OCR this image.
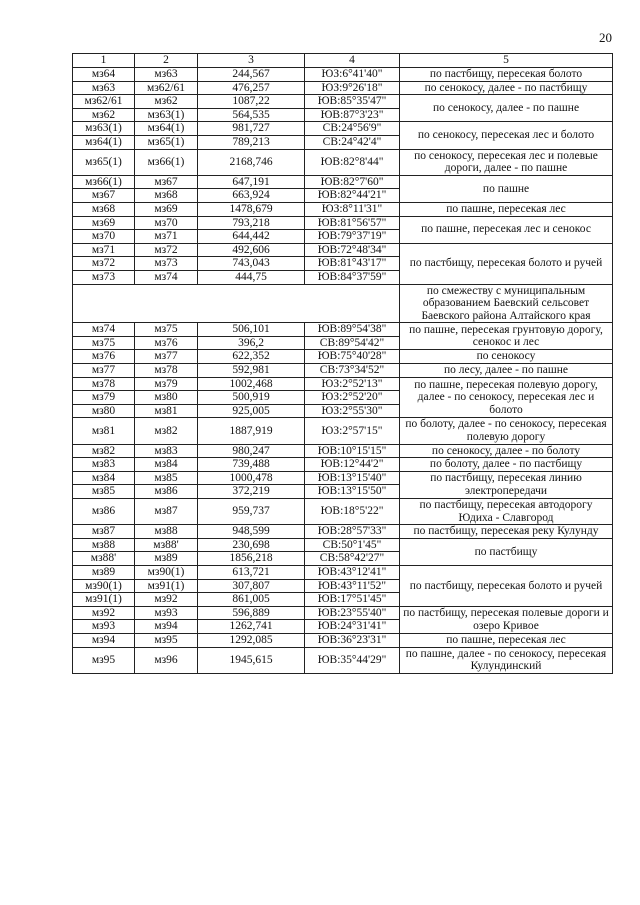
20
1	2	3	4	5
мз64	мз63	244,567	ЮЗ:6°41'40"	по пастбищу, пересекая болото
мз63	мз62/61	476,257	ЮЗ:9°26'18"	по сенокосу, далее - по пастбищу
мз62/61	мз62	1087,22	ЮВ:85°35'47"	по сенокосу, далее - по пашне
мз62	мз63(1)	564,535	ЮВ:87°3'23"	
мз63(1)	мз64(1)	981,727	СВ:24°56'9"	по сенокосу, пересекая лес и болото
мз64(1)	мз65(1)	789,213	СВ:24°42'4"	
мз65(1)	мз66(1)	2168,746	ЮВ:82°8'44"	по сенокосу, пересекая лес и полевые дороги, далее - по пашне
мз66(1)	мз67	647,191	ЮВ:82°7'60"	по пашне
мз67	мз68	663,924	ЮВ:82°44'21"	
мз68	мз69	1478,679	ЮЗ:8°11'31"	по пашне, пересекая лес
мз69	мз70	793,218	ЮВ:81°56'57"	по пашне, пересекая лес и сенокос
мз70	мз71	644,442	ЮВ:79°37'19"	
мз71	мз72	492,606	ЮВ:72°48'34"	по пастбищу, пересекая болото и ручей
мз72	мз73	743,043	ЮВ:81°43'17"	
мз73	мз74	444,75	ЮВ:84°37'59"	
				по смежеству с муниципальным образованием Баевский сельсовет Баевского района Алтайского края
мз74	мз75	506,101	ЮВ:89°54'38"	по пашне, пересекая грунтовую дорогу, сенокос и лес
мз75	мз76	396,2	СВ:89°54'42"	
мз76	мз77	622,352	ЮВ:75°40'28"	по сенокосу
мз77	мз78	592,981	СВ:73°34'52"	по лесу, далее - по пашне
мз78	мз79	1002,468	ЮЗ:2°52'13"	по пашне, пересекая полевую дорогу, далее - по сенокосу, пересекая лес и болото
мз79	мз80	500,919	ЮЗ:2°52'20"	
мз80	мз81	925,005	ЮЗ:2°55'30"	
мз81	мз82	1887,919	ЮЗ:2°57'15"	по болоту, далее - по сенокосу, пересекая полевую дорогу
мз82	мз83	980,247	ЮВ:10°15'15"	по сенокосу, далее - по болоту
мз83	мз84	739,488	ЮВ:12°44'2"	по болоту, далее - по пастбищу
мз84	мз85	1000,478	ЮВ:13°15'40"	по пастбищу, пересекая линию электропередачи
мз85	мз86	372,219	ЮВ:13°15'50"	
мз86	мз87	959,737	ЮВ:18°5'22"	по пастбищу, пересекая автодорогу Юдиха - Славгород
мз87	мз88	948,599	ЮВ:28°57'33"	по пастбищу, пересекая реку Кулунду
мз88	мз88'	230,698	СВ:50°1'45"	по пастбищу
мз88'	мз89	1856,218	СВ:58°42'27"	
мз89	мз90(1)	613,721	ЮВ:43°12'41"	по пастбищу, пересекая болото и ручей
мз90(1)	мз91(1)	307,807	ЮВ:43°11'52"	
мз91(1)	мз92	861,005	ЮВ:17°51'45"	
мз92	мз93	596,889	ЮВ:23°55'40"	по пастбищу, пересекая полевые дороги и озеро Кривое
мз93	мз94	1262,741	ЮВ:24°31'41"	
мз94	мз95	1292,085	ЮВ:36°23'31"	по пашне, пересекая лес
мз95	мз96	1945,615	ЮВ:35°44'29"	по пашне, далее - по сенокосу, пересекая Кулундинский
